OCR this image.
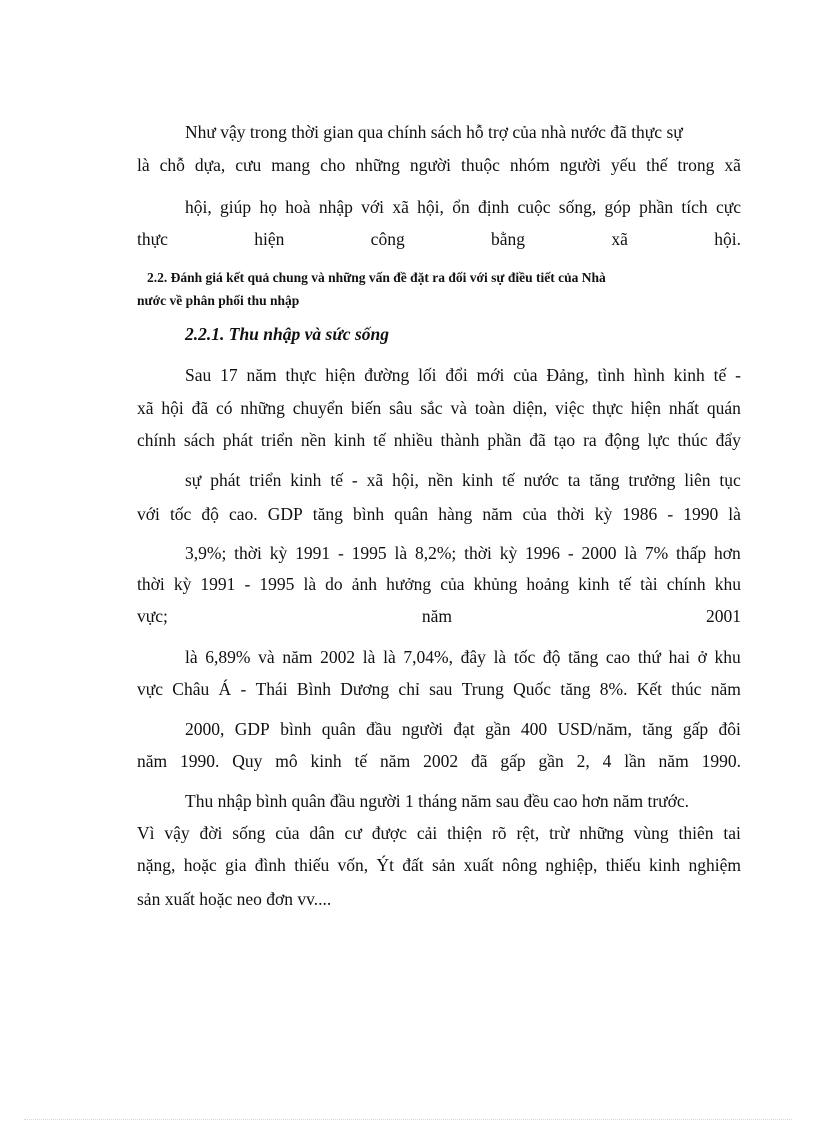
Như vậy trong thời gian qua chính sách hỗ trợ của nhà nước đã thực sự
là chỗ dựa, cưu mang cho những người thuộc nhóm người yếu thế trong xã
hội, giúp họ hoà nhập với xã hội, ổn định cuộc sống, góp phần tích cực
thực	hiện	công	bằng	xã	hội.
2.2. Đánh giá kết quả chung và những vấn đề đặt ra đối với sự điều tiết của Nhà
nước về phân phối thu nhập
2.2.1. Thu nhập và sức sống
Sau 17 năm thực hiện đường lối đổi mới của Đảng, tình hình kinh tế -
xã hội đã có những chuyển biến sâu sắc và toàn diện, việc thực hiện nhất quán
chính sách phát triển nền kinh tế nhiều thành phần đã tạo ra động lực thúc đẩy
sự phát triển kinh tế - xã hội, nền kinh tế nước ta tăng trưởng liên tục
với tốc độ cao. GDP tăng bình quân hàng năm của thời kỳ 1986 - 1990 là
3,9%; thời kỳ 1991 - 1995 là 8,2%; thời kỳ 1996 - 2000 là 7% thấp hơn
thời kỳ 1991 - 1995 là do ảnh hưởng của khủng hoảng kinh tế tài chính khu
vực;	năm	2001
là 6,89% và năm 2002 là là 7,04%, đây là tốc độ tăng cao thứ hai ở khu
vực Châu Á - Thái Bình Dương chỉ sau Trung Quốc tăng 8%. Kết thúc năm
2000, GDP bình quân đầu người đạt gần 400 USD/năm, tăng gấp đôi
năm 1990. Quy mô kinh tế năm 2002 đã gấp gần 2, 4 lần năm 1990.
Thu nhập bình quân đầu người 1 tháng năm sau đều cao hơn năm trước.
Vì vậy đời sống của dân cư được cải thiện rõ rệt, trừ những vùng thiên tai
nặng, hoặc gia đình thiếu vốn, Ýt đất sản xuất nông nghiệp, thiếu kinh nghiệm
sản xuất hoặc neo đơn vv....
